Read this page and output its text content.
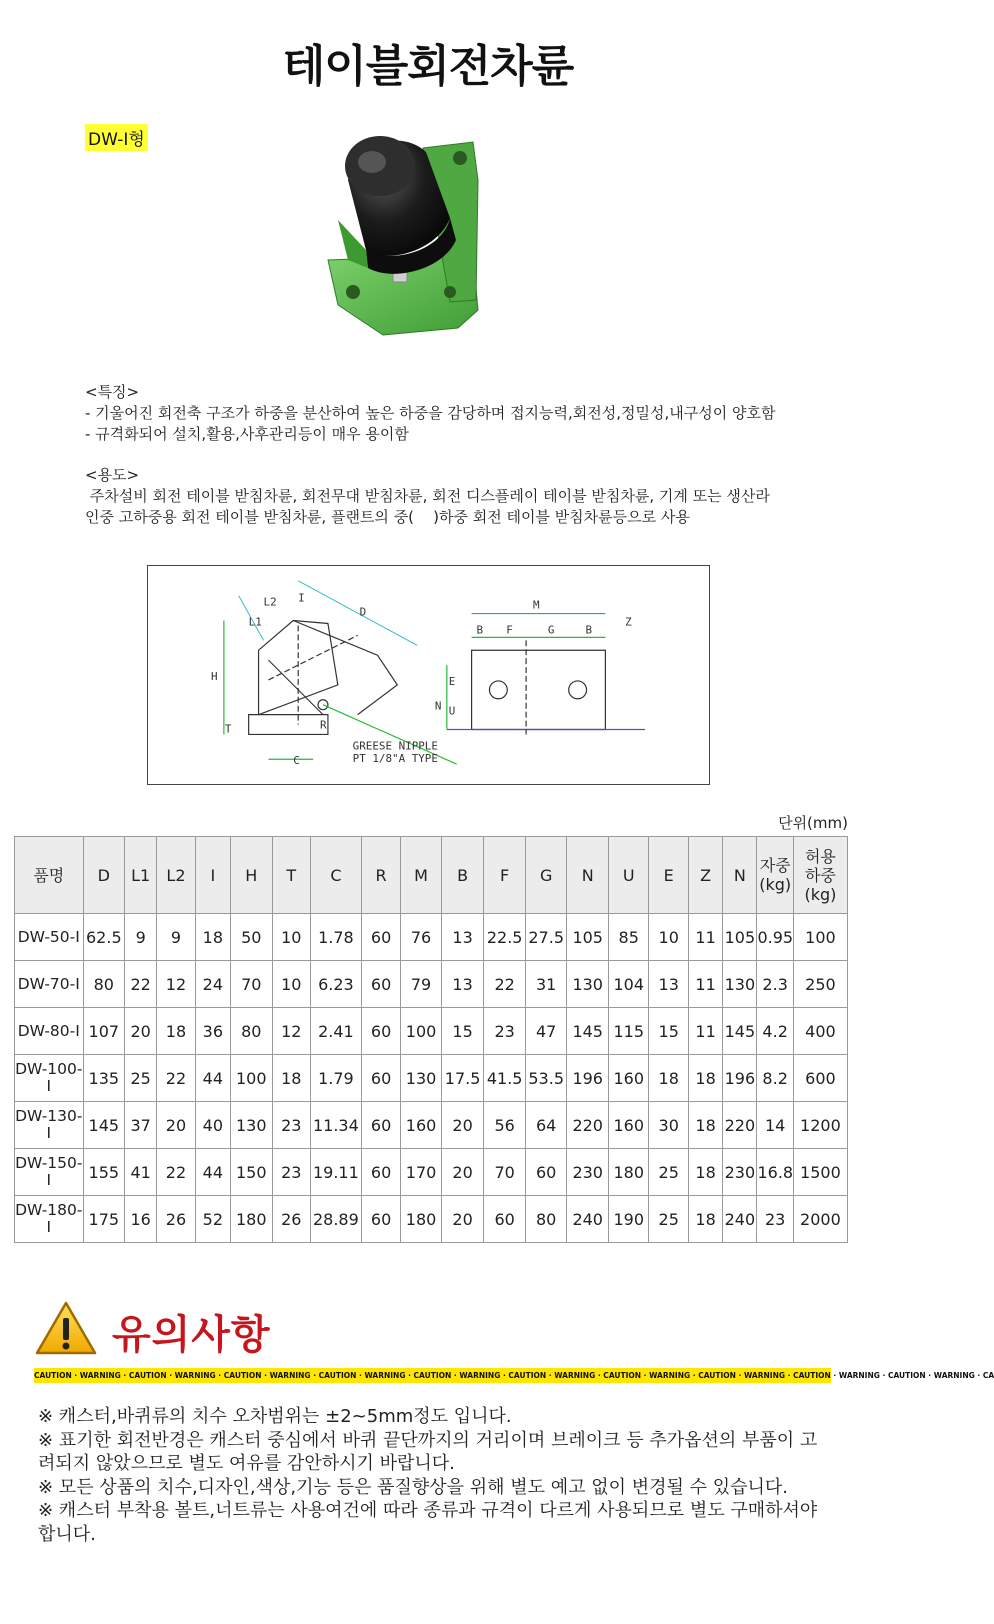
테이블회전차륜
DW-I형
<특징>
- 기울어진 회전축 구조가 하중을 분산하여 높은 하중을 감당하며 접지능력,회전성,정밀성,내구성이 양호함
- 규격화되어 설치,활용,사후관리등이 매우 용이함
<용도>
주차설비 회전 테이블 받침차륜, 회전무대 받침차륜, 회전 디스플레이 테이블 받침차륜, 기계 또는 생산라
인중 고하중용 회전 테이블 받침차륜, 플랜트의 중(    )하중 회전 테이블 받침차륜등으로 사용
L1
L2 I
D
H
T
C
R
M
B F	G	B
Z
E
N U
GREESE NIPPLE
PT 1/8"A TYPE
단위(mm)
품명	D	L1	L2	I	H	T	C	R	M	B	F	G	N	U	E	Z	N	자중
(kg)	허용
하중
(kg)
DW-50-I	62.5	9	9	18	50	10	1.78	60	76	13	22.5	27.5	105	85	10	11	105	0.95	100
DW-70-I	80	22	12	24	70	10	6.23	60	79	13	22	31	130	104	13	11	130	2.3	250
DW-80-I	107	20	18	36	80	12	2.41	60	100	15	23	47	145	115	15	11	145	4.2	400
DW-100-I	135	25	22	44	100	18	1.79	60	130	17.5	41.5	53.5	196	160	18	18	196	8.2	600
DW-130-I	145	37	20	40	130	23	11.34	60	160	20	56	64	220	160	30	18	220	14	1200
DW-150-I	155	41	22	44	150	23	19.11	60	170	20	70	60	230	180	25	18	230	16.8	1500
DW-180-I	175	16	26	52	180	26	28.89	60	180	20	60	80	240	190	25	18	240	23	2000
유의사항
CAUTION · WARNING · CAUTION · WARNING · CAUTION · WARNING · CAUTION · WARNING · CAUTION · WARNING · CAUTION · WARNING · CAUTION · WARNING · CAUTION · WARNING · CAUTION · WARNING · CAUTION · WARNING · CA
※ 캐스터,바퀴류의 치수 오차범위는 ±2~5mm정도 입니다.
※ 표기한 회전반경은 캐스터 중심에서 바퀴 끝단까지의 거리이며 브레이크 등 추가옵션의 부품이 고려되지 않았으므로 별도 여유를 감안하시기 바랍니다.
※ 모든 상품의 치수,디자인,색상,기능 등은 품질향상을 위해 별도 예고 없이 변경될 수 있습니다.
※ 캐스터 부착용 볼트,너트류는 사용여건에 따라 종류과 규격이 다르게 사용되므로 별도 구매하셔야 합니다.
